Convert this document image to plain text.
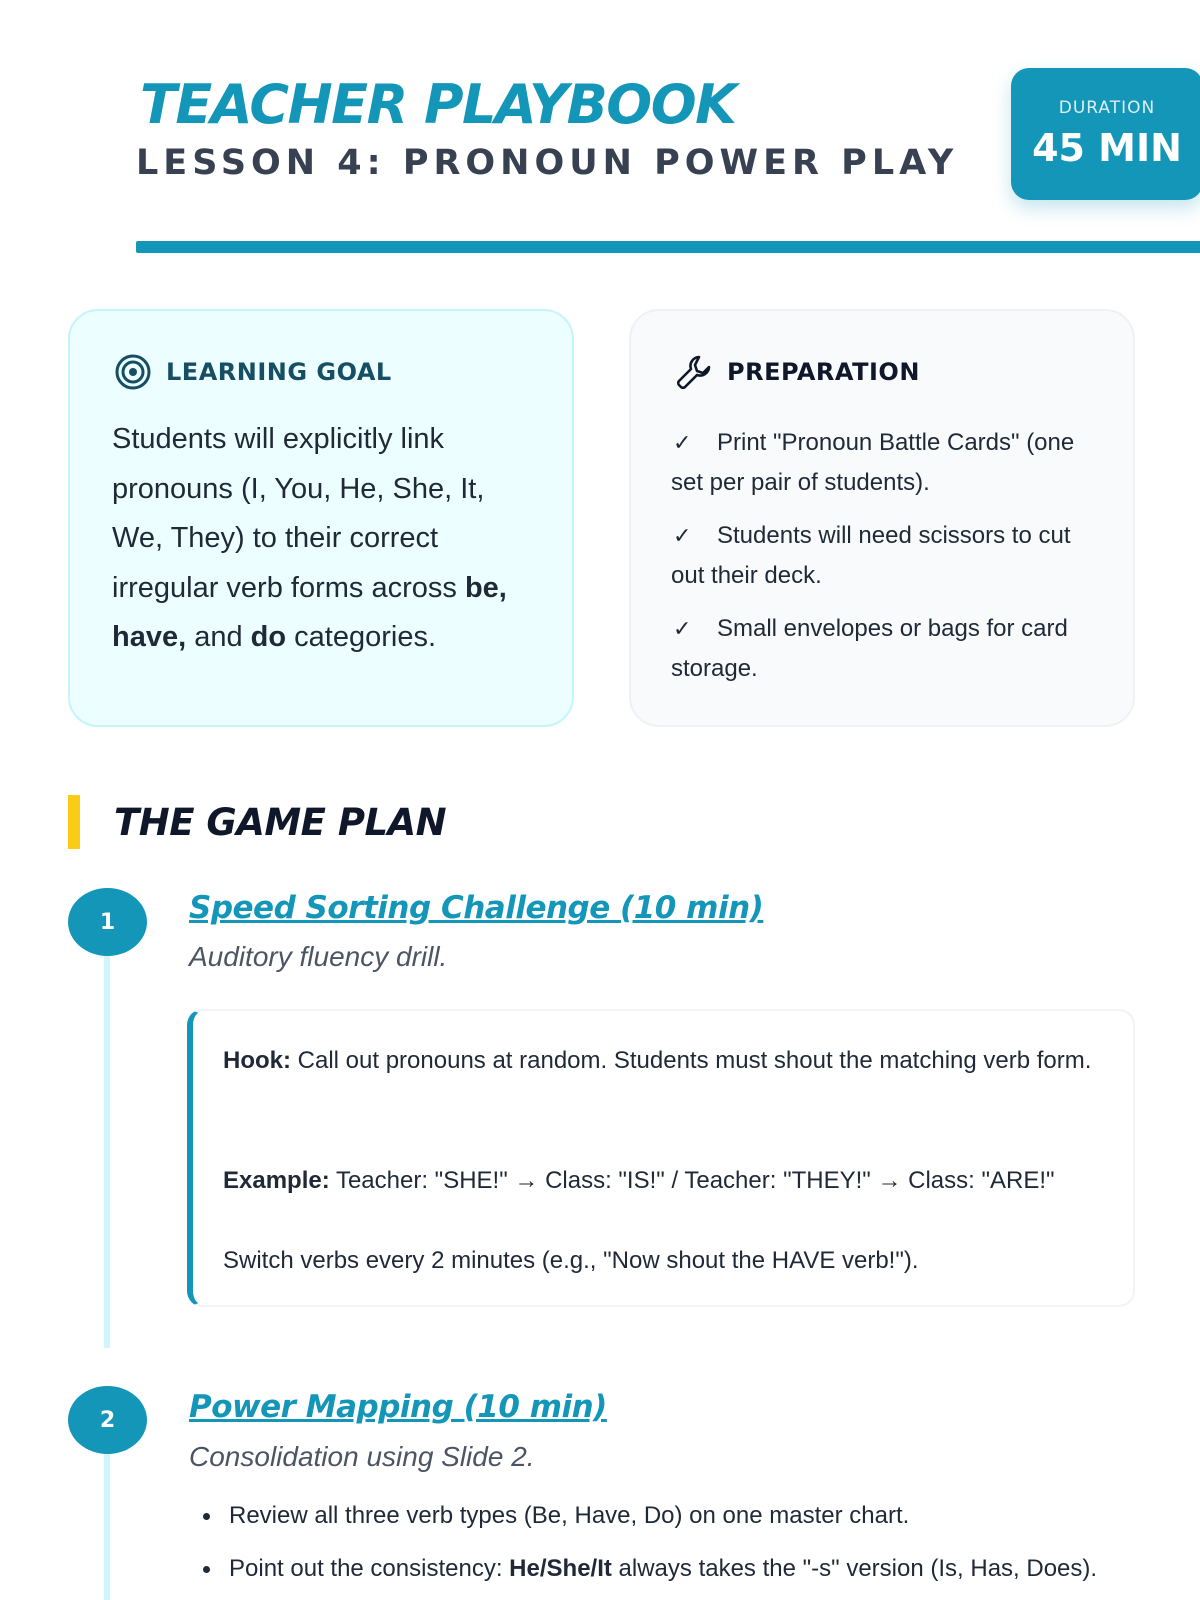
TEACHER PLAYBOOK
LESSON 4: PRONOUN POWER PLAY
DURATION
45 MIN
LEARNING GOAL

Students will explicitly link pronouns (I, You, He, She, It, We, They) to their correct irregular verb forms across be,
have, and do categories.

PREPARATION
✓ Print "Pronoun Battle Cards" (one set per pair of students).
✓ Students will need scissors to cut out their deck.
✓ Small envelopes or bags for card storage.
THE GAME PLAN
1	Speed Sorting Challenge (10 min)
Auditory fluency drill.

Hook: Call out pronouns at random. Students must shout the matching verb form.

Example: Teacher: "SHE!" → Class: "IS!" / Teacher: "THEY!" → Class: "ARE!"

Switch verbs every 2 minutes (e.g., "Now shout the HAVE verb!").

2	Power Mapping (10 min)
Consolidation using Slide 2.
Review all three verb types (Be, Have, Do) on one master chart.
Point out the consistency: He/She/It always takes the "-s" version (Is, Has, Does).
